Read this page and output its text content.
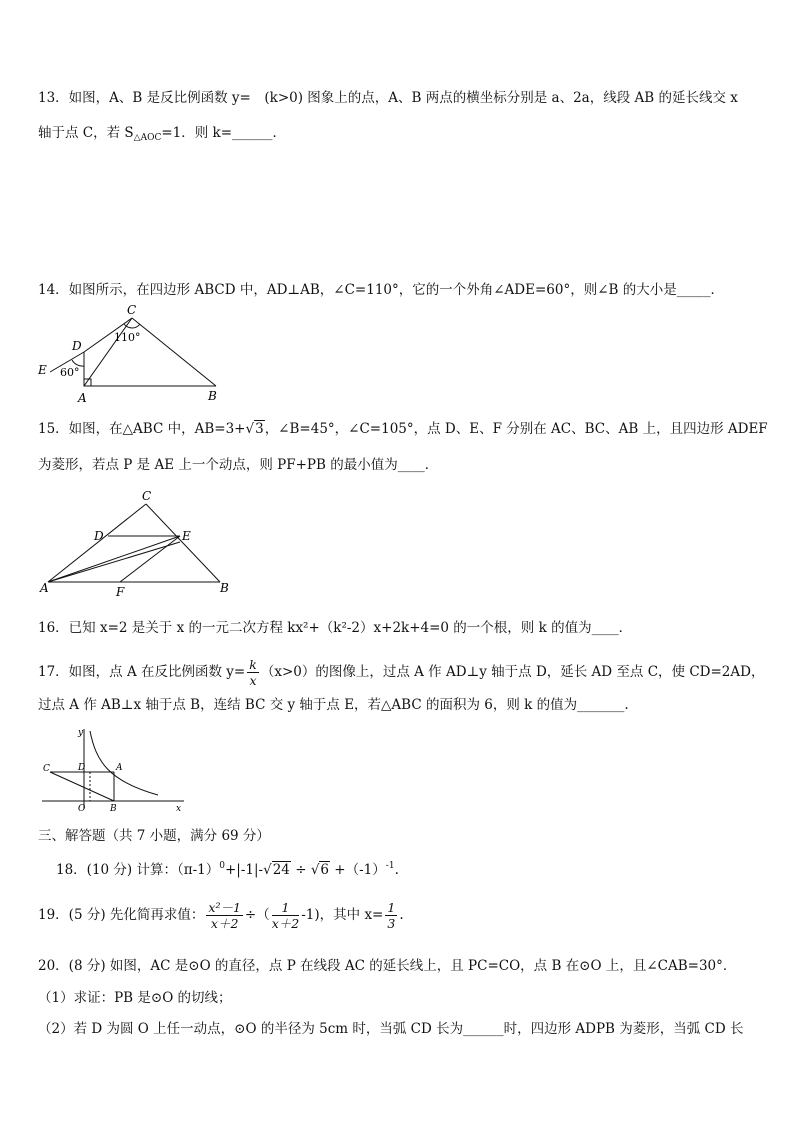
13．如图，A、B 是反比例函数 y=　(k>0) 图象上的点，A、B 两点的横坐标分别是 a、2a，线段 AB 的延长线交 x
轴于点 C，若 $S_{\triangle AOC}=1$．则 k=______．
14．如图所示，在四边形 ABCD 中，AD⊥AB，∠C=110°，它的一个外角∠ADE=60°，则∠B 的大小是_____．
C
110°
D
E 60°
A	B
15．如图，在△ABC 中，AB=3+√3，∠B=45°，∠C=105°，点 D、E、F 分别在 AC、BC、AB 上，且四边形 ADEF
为菱形，若点 P 是 AE 上一个动点，则 PF+PB 的最小值为____．
C
D	E
A	F	B
16．已知 x=2 是关于 x 的一元二次方程 kx²+（k²-2）x+2k+4=0 的一个根，则 k 的值为____．
17．如图，点 A 在反比例函数 $y= \frac{k}{x} (x>0)$的图像上，过点 A 作 AD⊥y 轴于点 D，延长 AD 至点 C，使 CD=2AD，
过点 A 作 AB⊥x 轴于点 B，连结 BC 交 y 轴于点 E，若△ABC 的面积为 6，则 k 的值为_______.
y
x
C	D	A
O	B
三、解答题（共 7 小题，满分 69 分）
18．(10 分) 计算：$(\pi-1)^0+|-1|-√24 \div √6 +(-1)^{-1}$.
19．(5 分) 先化简再求值： $\frac{\text{x²－1}}{x+2}$ ÷（ $\frac{1}{x+2} -1$)，其中 $x= \frac{1}{3}$ .
20．(8 分) 如图，AC 是⊙O 的直径，点 P 在线段 AC 的延长线上，且 PC=CO，点 B 在⊙O 上，且∠CAB=30°．
（1）求证：PB 是⊙O 的切线；
（2）若 D 为圆 O 上任一动点，⊙O 的半径为 5cm 时，当弧 CD 长为______时，四边形 ADPB 为菱形，当弧 CD 长
